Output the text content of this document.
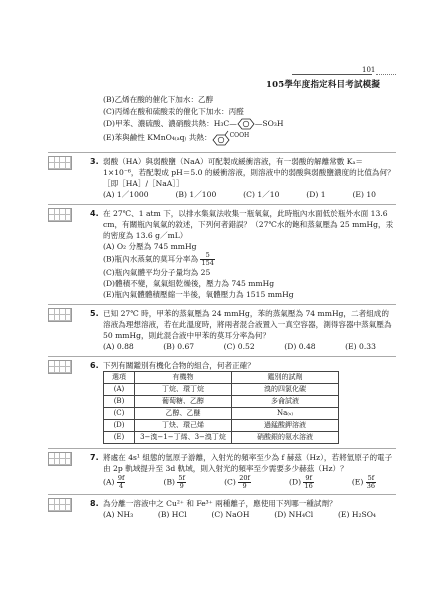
101
105學年度指定科目考試模擬
(B)乙烯在酸的催化下加水：乙醇
(C)丙烯在酸和硫酸汞的催化下加水：丙醛
(D)甲苯、濃硫酸、濃硝酸共熱：H₃C— —SO₃H
(E)苯與鹼性 KMnO₄₍ₐq₎ 共熱：	$^{COOH}$
3. 弱酸（HA）與弱酸鹽（NaA）可配製成緩衝溶液，有一弱酸的解離常數 Kₐ＝1×10⁻⁶，若配製成 pH＝5.0 的緩衝溶液，則溶液中的弱酸與弱酸鹽濃度的比值為何？［即［HA］/［NaA］］
(A) 1／1000	(B) 1／100	(C) 1／10	(D) 1	(E) 10
4. 在 27℃、1 atm 下，以排水集氣法收集一瓶氧氣，此時瓶內水面低於瓶外水面 13.6 cm，有關瓶內氧氣的敘述，下列何者錯誤？（27℃水的飽和蒸氣壓為 25 mmHg，汞的密度為 13.6 g／mL）
(A) O₂ 分壓為 745 mmHg
(B)瓶內水蒸氣的莫耳分率為 $\frac{5}{154}$
(C)瓶內氣體平均分子量均為 25
(D)體積不變，氣氣組乾燥後，壓力為 745 mmHg
(E)瓶內氣體體積壓縮一半後，氧體壓力為 1515 mmHg
5. 已知 27℃ 時，甲苯的蒸氣壓為 24 mmHg，苯的蒸氣壓為 74 mmHg，二者組成的溶液為理想溶液，若在此溫度時，將兩者混合液置入一真空容器，測得容器中蒸氣壓為 50 mmHg，則此混合液中甲苯的莫耳分率為何？
(A) 0.88	(B) 0.67	(C) 0.52	(D) 0.48	(E) 0.33
6. 下列有關鑑別有機化合物的組合，何者正確？
選項	有機物	鑑別的試劑
(A)	丁烷、環丁烷	溴的四氯化碳
(B)	葡萄糖、乙醇	多侖試液
(C)	乙醇、乙醚	Na₍ₛ₎
(D)	丁炔、環己烯	過錳酸鉀溶液
(E)	3−溴−1−丁烯、3−溴丁烷	硝酸銀的氨水溶液
7. 將處在 4s¹ 組態的氫原子游離，入射光的頻率至少為 f 赫茲（Hz），若將氫原子的電子由 2p 軌域提升至 3d 軌域，則入射光的頻率至少需要多少赫茲（Hz）？
$(A) \frac{9f}{4}$	$(B) \frac{5f}{9}$	$(C) \frac{20f}{9}$	$(D) \frac{9f}{16}$	$(E) \frac{5f}{36}$
8. 為分離一溶液中之 Cu²⁺ 和 Fe³⁺ 兩種離子，應使用下列哪一種試劑？
(A) NH₃	(B) HCl	(C) NaOH	(D) NH₄Cl	(E) H₂SO₄
